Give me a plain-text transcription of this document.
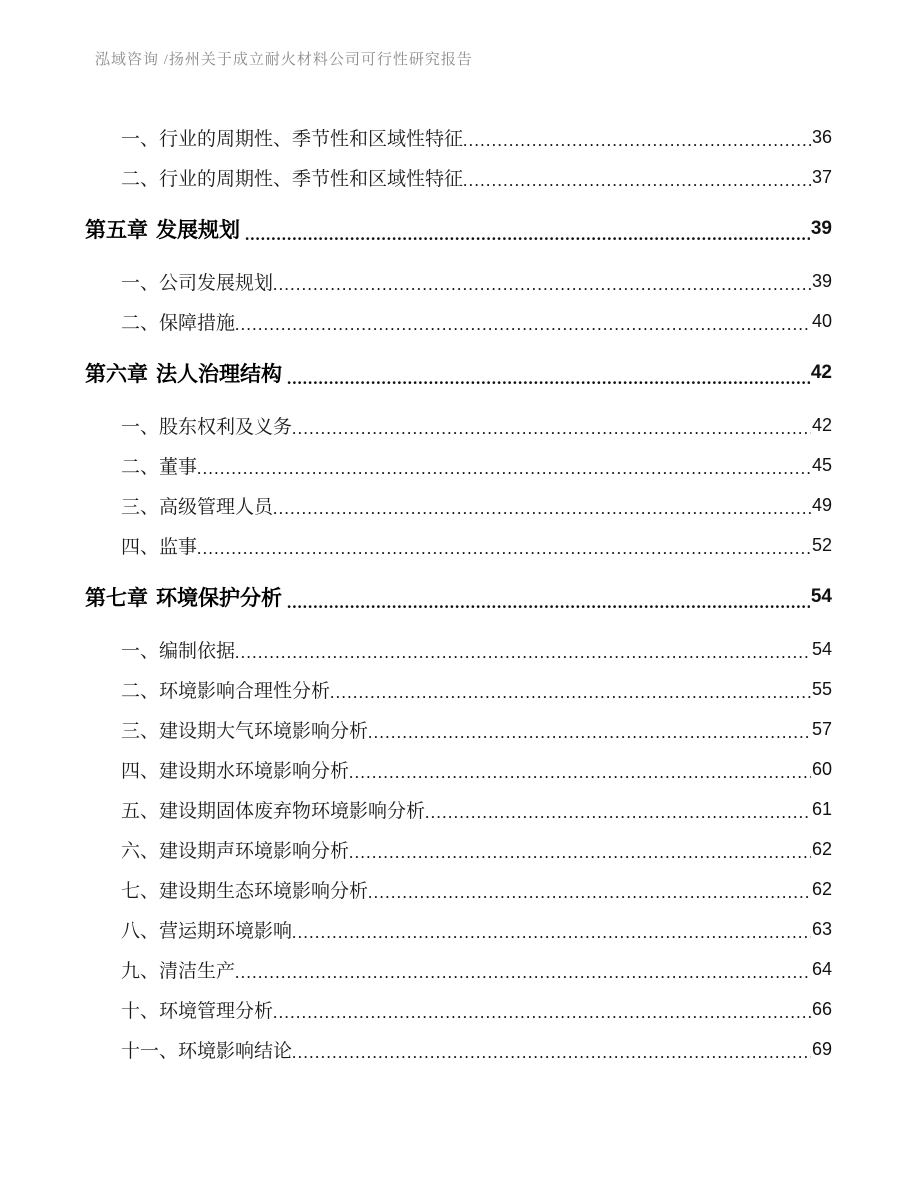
泓域咨询 /扬州关于成立耐火材料公司可行性研究报告
一、 行业的周期性、季节性和区域性特征 .....	36
二、 行业的周期性、季节性和区域性特征 .....	37
第五章 发展规划 .....	39
一、 公司发展规划 .....	39
二、 保障措施 .....	40
第六章 法人治理结构 .....	42
一、 股东权利及义务 .....	42
二、 董事 .....	45
三、 高级管理人员 .....	49
四、 监事 .....	52
第七章 环境保护分析 .....	54
一、 编制依据 .....	54
二、 环境影响合理性分析 .....	55
三、 建设期大气环境影响分析 .....	57
四、 建设期水环境影响分析 .....	60
五、 建设期固体废弃物环境影响分析 .....	61
六、 建设期声环境影响分析 .....	62
七、 建设期生态环境影响分析 .....	62
八、 营运期环境影响 .....	63
九、 清洁生产 .....	64
十、 环境管理分析 .....	66
十一、 环境影响结论 .....	69
